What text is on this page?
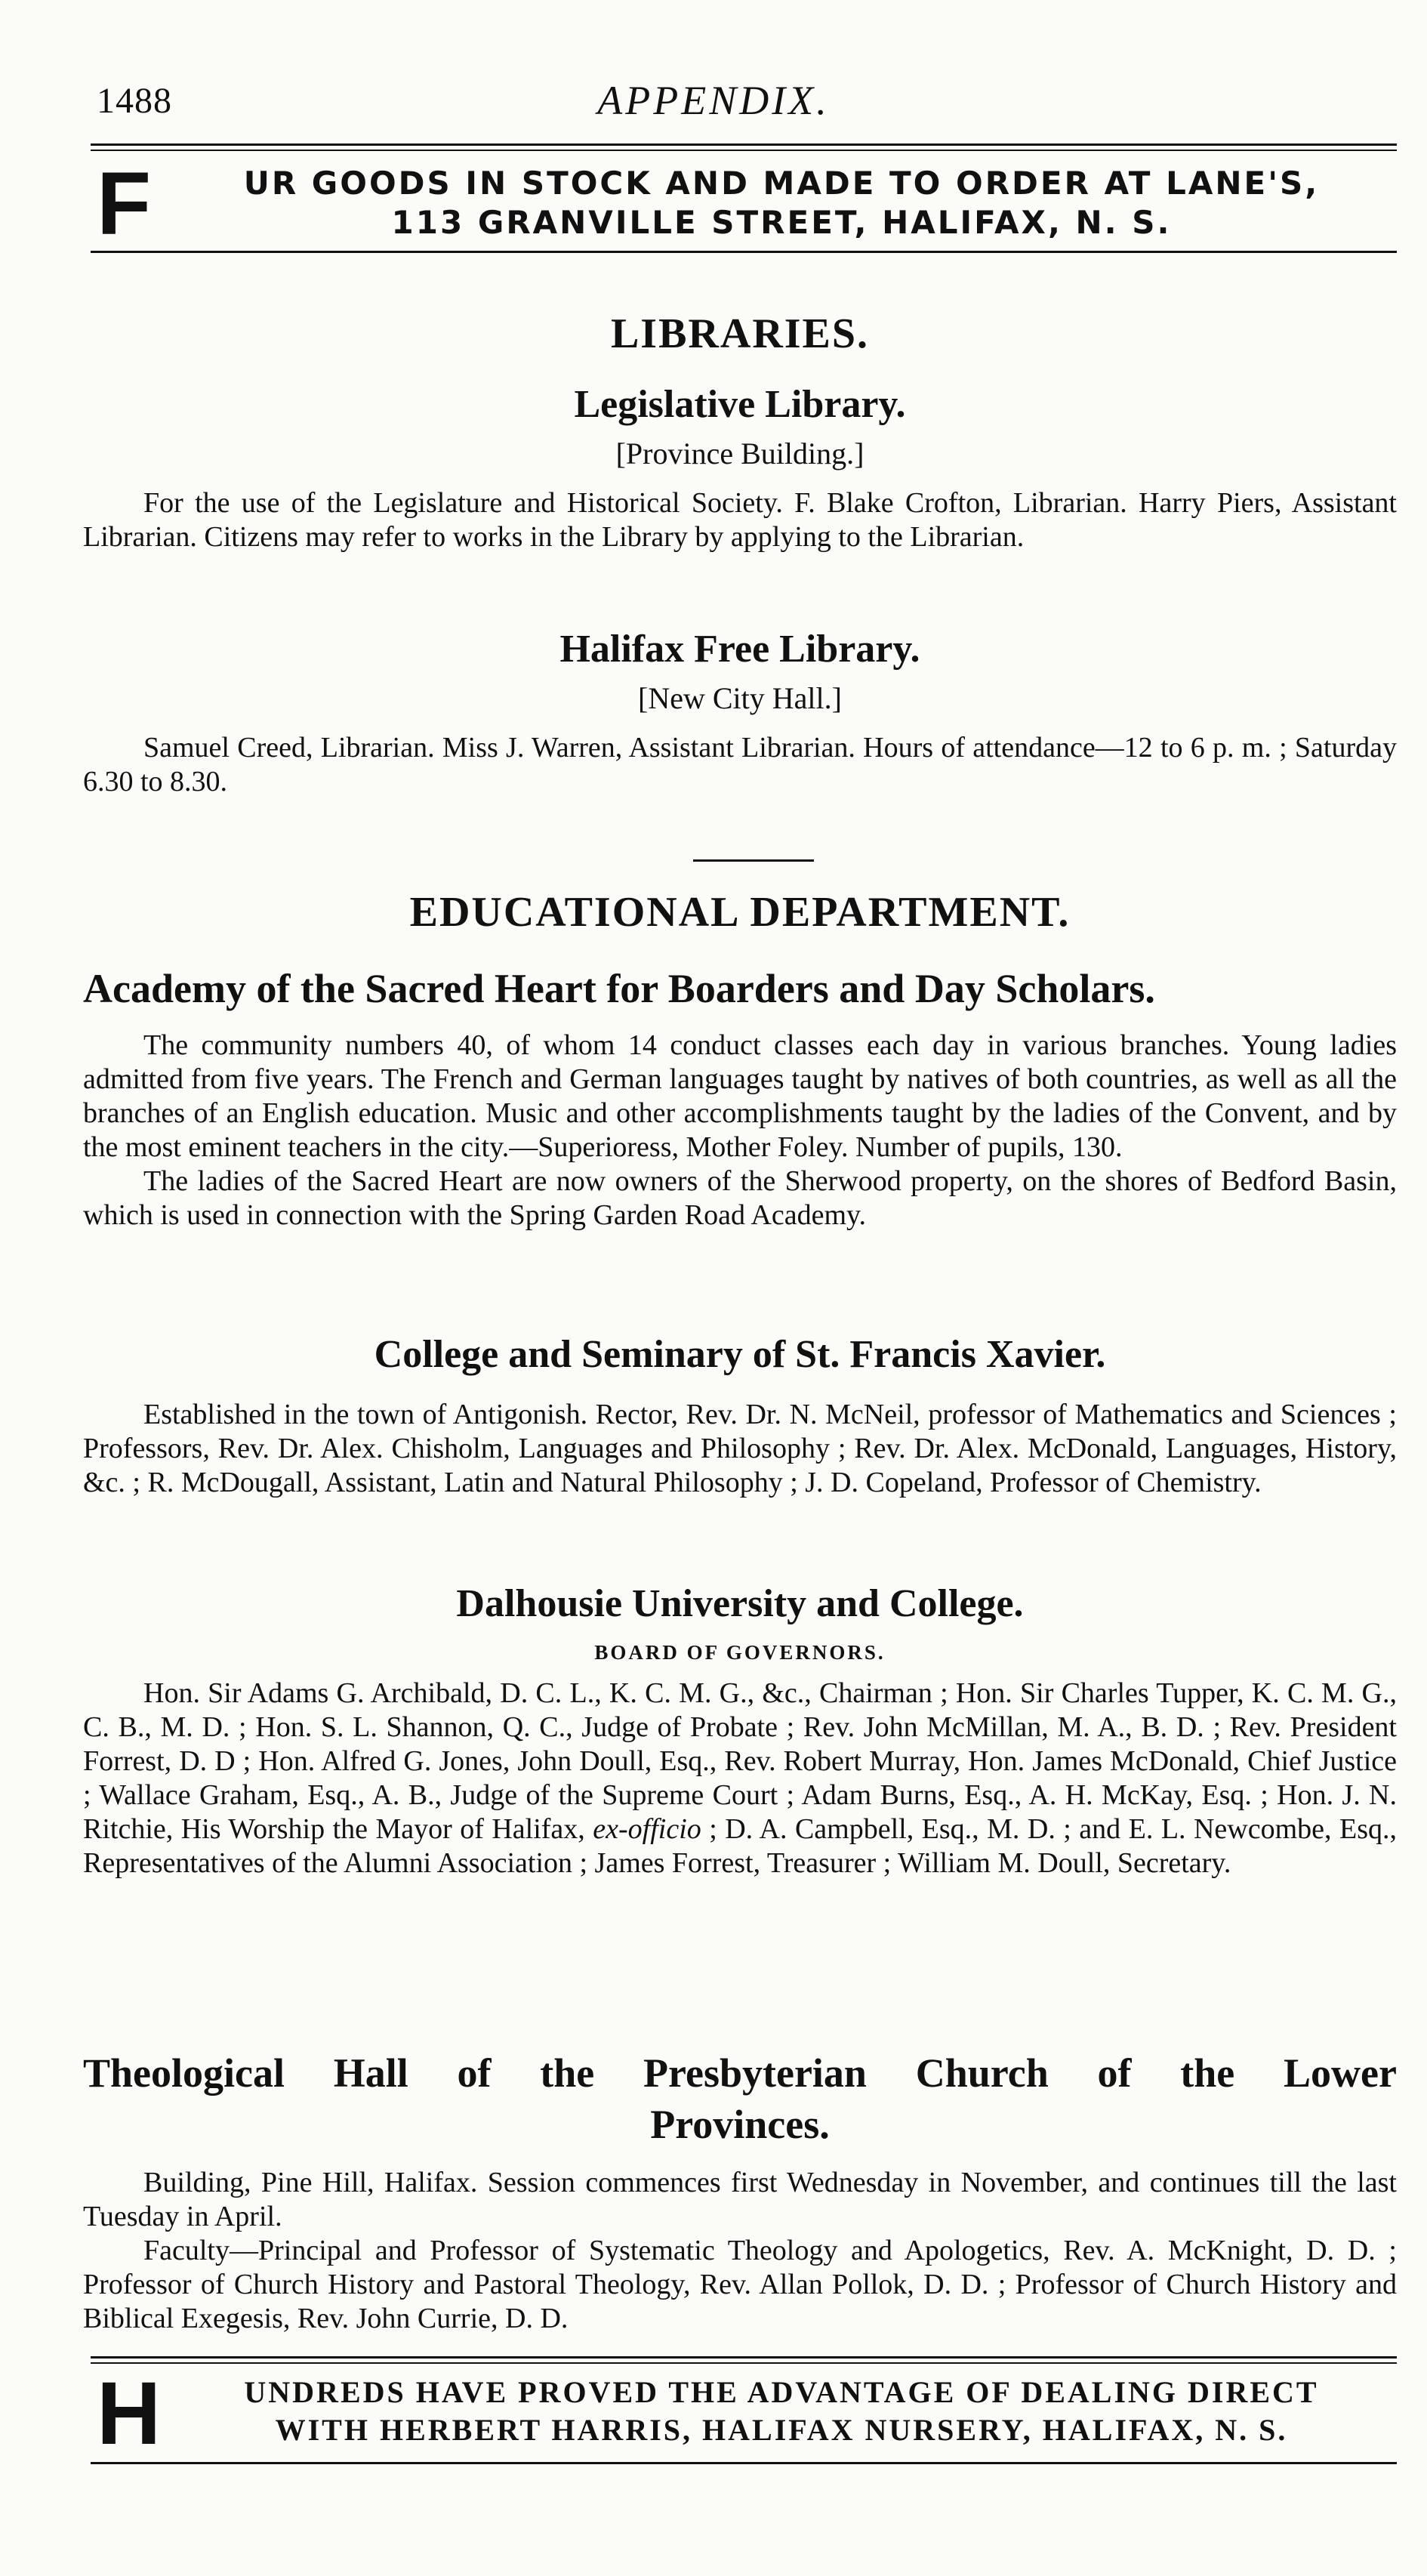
1488	APPENDIX.
F	UR GOODS IN STOCK AND MADE TO ORDER AT LANE'S,
113 GRANVILLE STREET, HALIFAX, N. S.
LIBRARIES.
Legislative Library.
[Province Building.]
For the use of the Legislature and Historical Society. F. Blake Crofton, Librarian. Harry Piers, Assistant Librarian. Citizens may refer to works in the Library by applying to the Librarian.
Halifax Free Library.
[New City Hall.]
Samuel Creed, Librarian. Miss J. Warren, Assistant Librarian. Hours of attendance—12 to 6 p. m. ; Saturday 6.30 to 8.30.
EDUCATIONAL DEPARTMENT.
Academy of the Sacred Heart for Boarders and Day Scholars.
The community numbers 40, of whom 14 conduct classes each day in various branches. Young ladies admitted from five years. The French and German languages taught by natives of both countries, as well as all the branches of an English education. Music and other accomplishments taught by the ladies of the Convent, and by the most eminent teachers in the city.—Superioress, Mother Foley. Number of pupils, 130.
The ladies of the Sacred Heart are now owners of the Sherwood property, on the shores of Bedford Basin, which is used in connection with the Spring Garden Road Academy.
College and Seminary of St. Francis Xavier.
Established in the town of Antigonish. Rector, Rev. Dr. N. McNeil, professor of Mathematics and Sciences ; Professors, Rev. Dr. Alex. Chisholm, Languages and Philosophy ; Rev. Dr. Alex. McDonald, Languages, History, &c. ; R. McDougall, Assistant, Latin and Natural Philosophy ; J. D. Copeland, Professor of Chemistry.
Dalhousie University and College.
BOARD OF GOVERNORS.
Hon. Sir Adams G. Archibald, D. C. L., K. C. M. G., &c., Chairman ; Hon. Sir Charles Tupper, K. C. M. G., C. B., M. D. ; Hon. S. L. Shannon, Q. C., Judge of Probate ; Rev. John McMillan, M. A., B. D. ; Rev. President Forrest, D. D ; Hon. Alfred G. Jones, John Doull, Esq., Rev. Robert Murray, Hon. James McDonald, Chief Justice ; Wallace Graham, Esq., A. B., Judge of the Supreme Court ; Adam Burns, Esq., A. H. McKay, Esq. ; Hon. J. N. Ritchie, His Worship the Mayor of Halifax, ex-officio ; D. A. Campbell, Esq., M. D. ; and E. L. Newcombe, Esq., Representatives of the Alumni Association ; James Forrest, Treasurer ; William M. Doull, Secretary.
Theological Hall of the Presbyterian Church of the Lower
Provinces.
Building, Pine Hill, Halifax. Session commences first Wednesday in November, and continues till the last Tuesday in April.
Faculty—Principal and Professor of Systematic Theology and Apologetics, Rev. A. McKnight, D. D. ; Professor of Church History and Pastoral Theology, Rev. Allan Pollok, D. D. ; Professor of Church History and Biblical Exegesis, Rev. John Currie, D. D.
H	UNDREDS HAVE PROVED THE ADVANTAGE OF DEALING DIRECT
WITH HERBERT HARRIS, HALIFAX NURSERY, HALIFAX, N. S.
